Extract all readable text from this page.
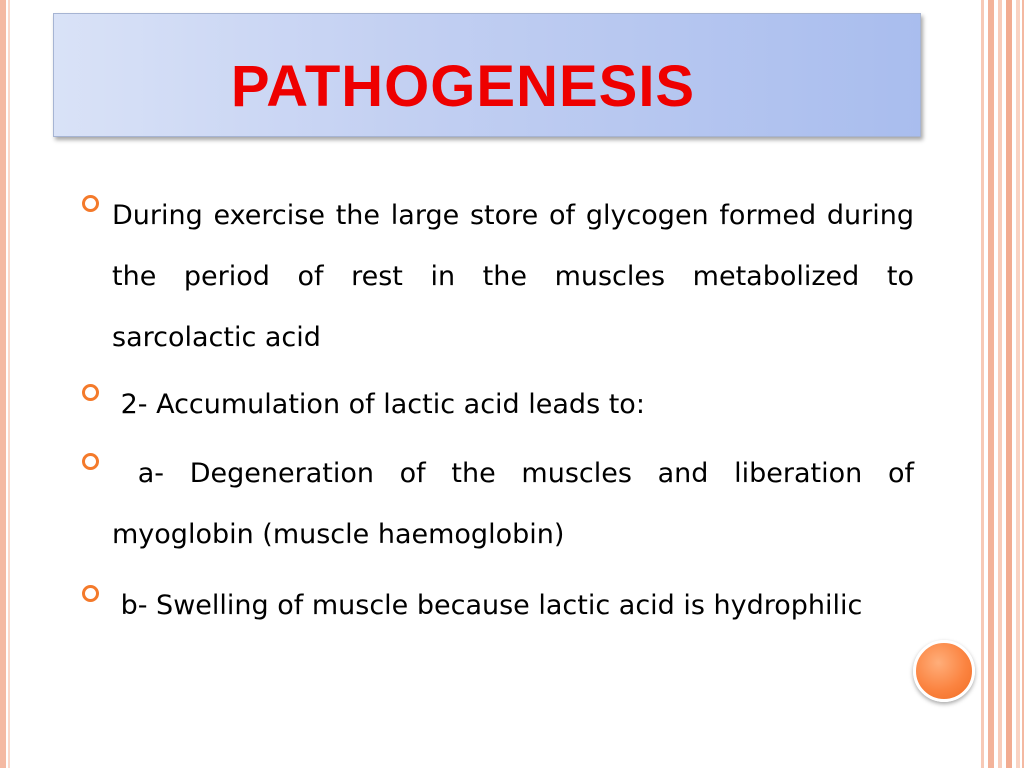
PATHOGENESIS
During exercise the large store of glycogen formed during the period of rest in the muscles metabolized to sarcolactic acid
2- Accumulation of lactic acid leads to:
a- Degeneration of the muscles and liberation of myoglobin (muscle haemoglobin)
b- Swelling of muscle because lactic acid is hydrophilic
